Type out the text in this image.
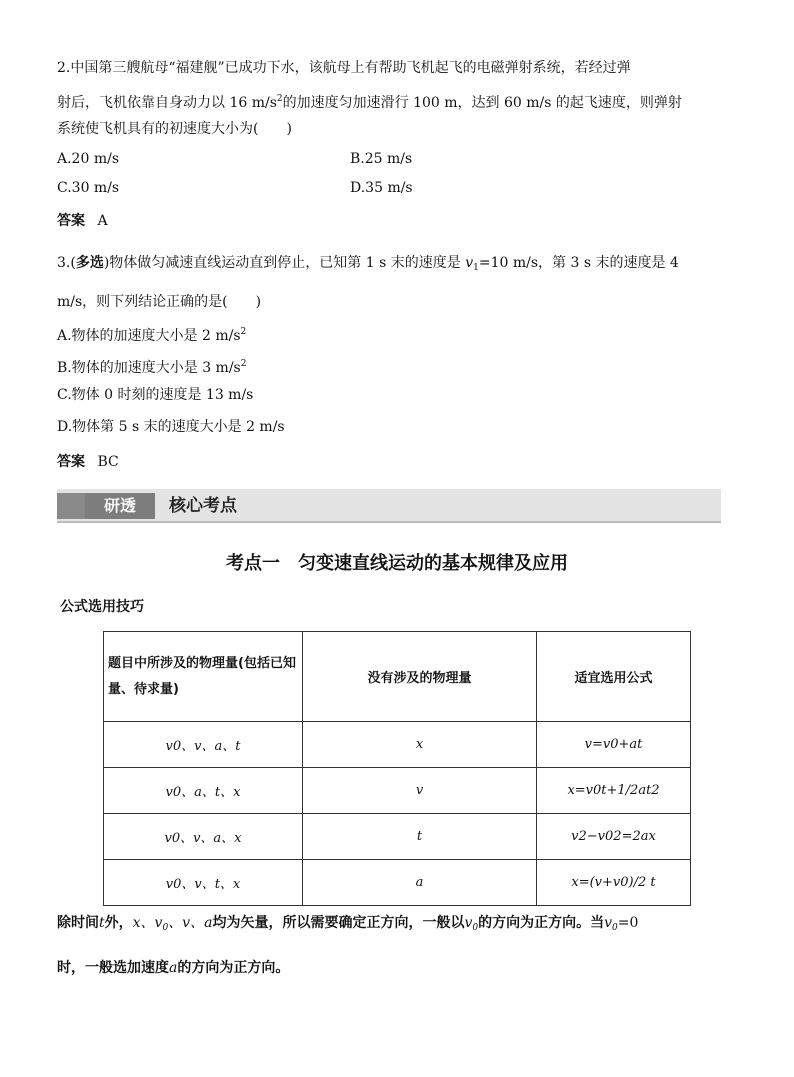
2.中国第三艘航母“福建舰”已成功下水，该航母上有帮助飞机起飞的电磁弹射系统，若经过弹
射后，飞机依靠自身动力以 16 $m/s^2$的加速度匀加速滑行 100 m，达到 60 m/s 的起飞速度，则弹射
系统使飞机具有的初速度大小为(　　)
A.20 m/s	B.25 m/s
C.30 m/s	D.35 m/s
答案 A
3.(多选)物体做匀减速直线运动直到停止，已知第 1 s 末的速度是 $v_1=10$ m/s，第 3 s 末的速度是 4
m/s，则下列结论正确的是(　　)
A.物体的加速度大小是 2 $m/s^2$
B.物体的加速度大小是 3 $m/s^2$
C.物体 0 时刻的速度是 13 m/s
D.物体第 5 s 末的速度大小是 2 m/s
答案 BC
研透	核心考点
考点一　匀变速直线运动的基本规律及应用
公式选用技巧
题目中所涉及的物理量(包括已知量、待求量)	没有涉及的物理量	适宜选用公式
v0、v、a、t	x	v=v0+at
v0、a、t、x	v	x=v0t+1/2at2
v0、v、a、x	t	v2−v02=2ax
v0、v、t、x	a	x=(v+v0)/2 t
除时间t外，x、$v_0$、v、a均为矢量，所以需要确定正方向，一般以$v_0$的方向为正方向。当$v_0=0$
时，一般选加速度a的方向为正方向。
